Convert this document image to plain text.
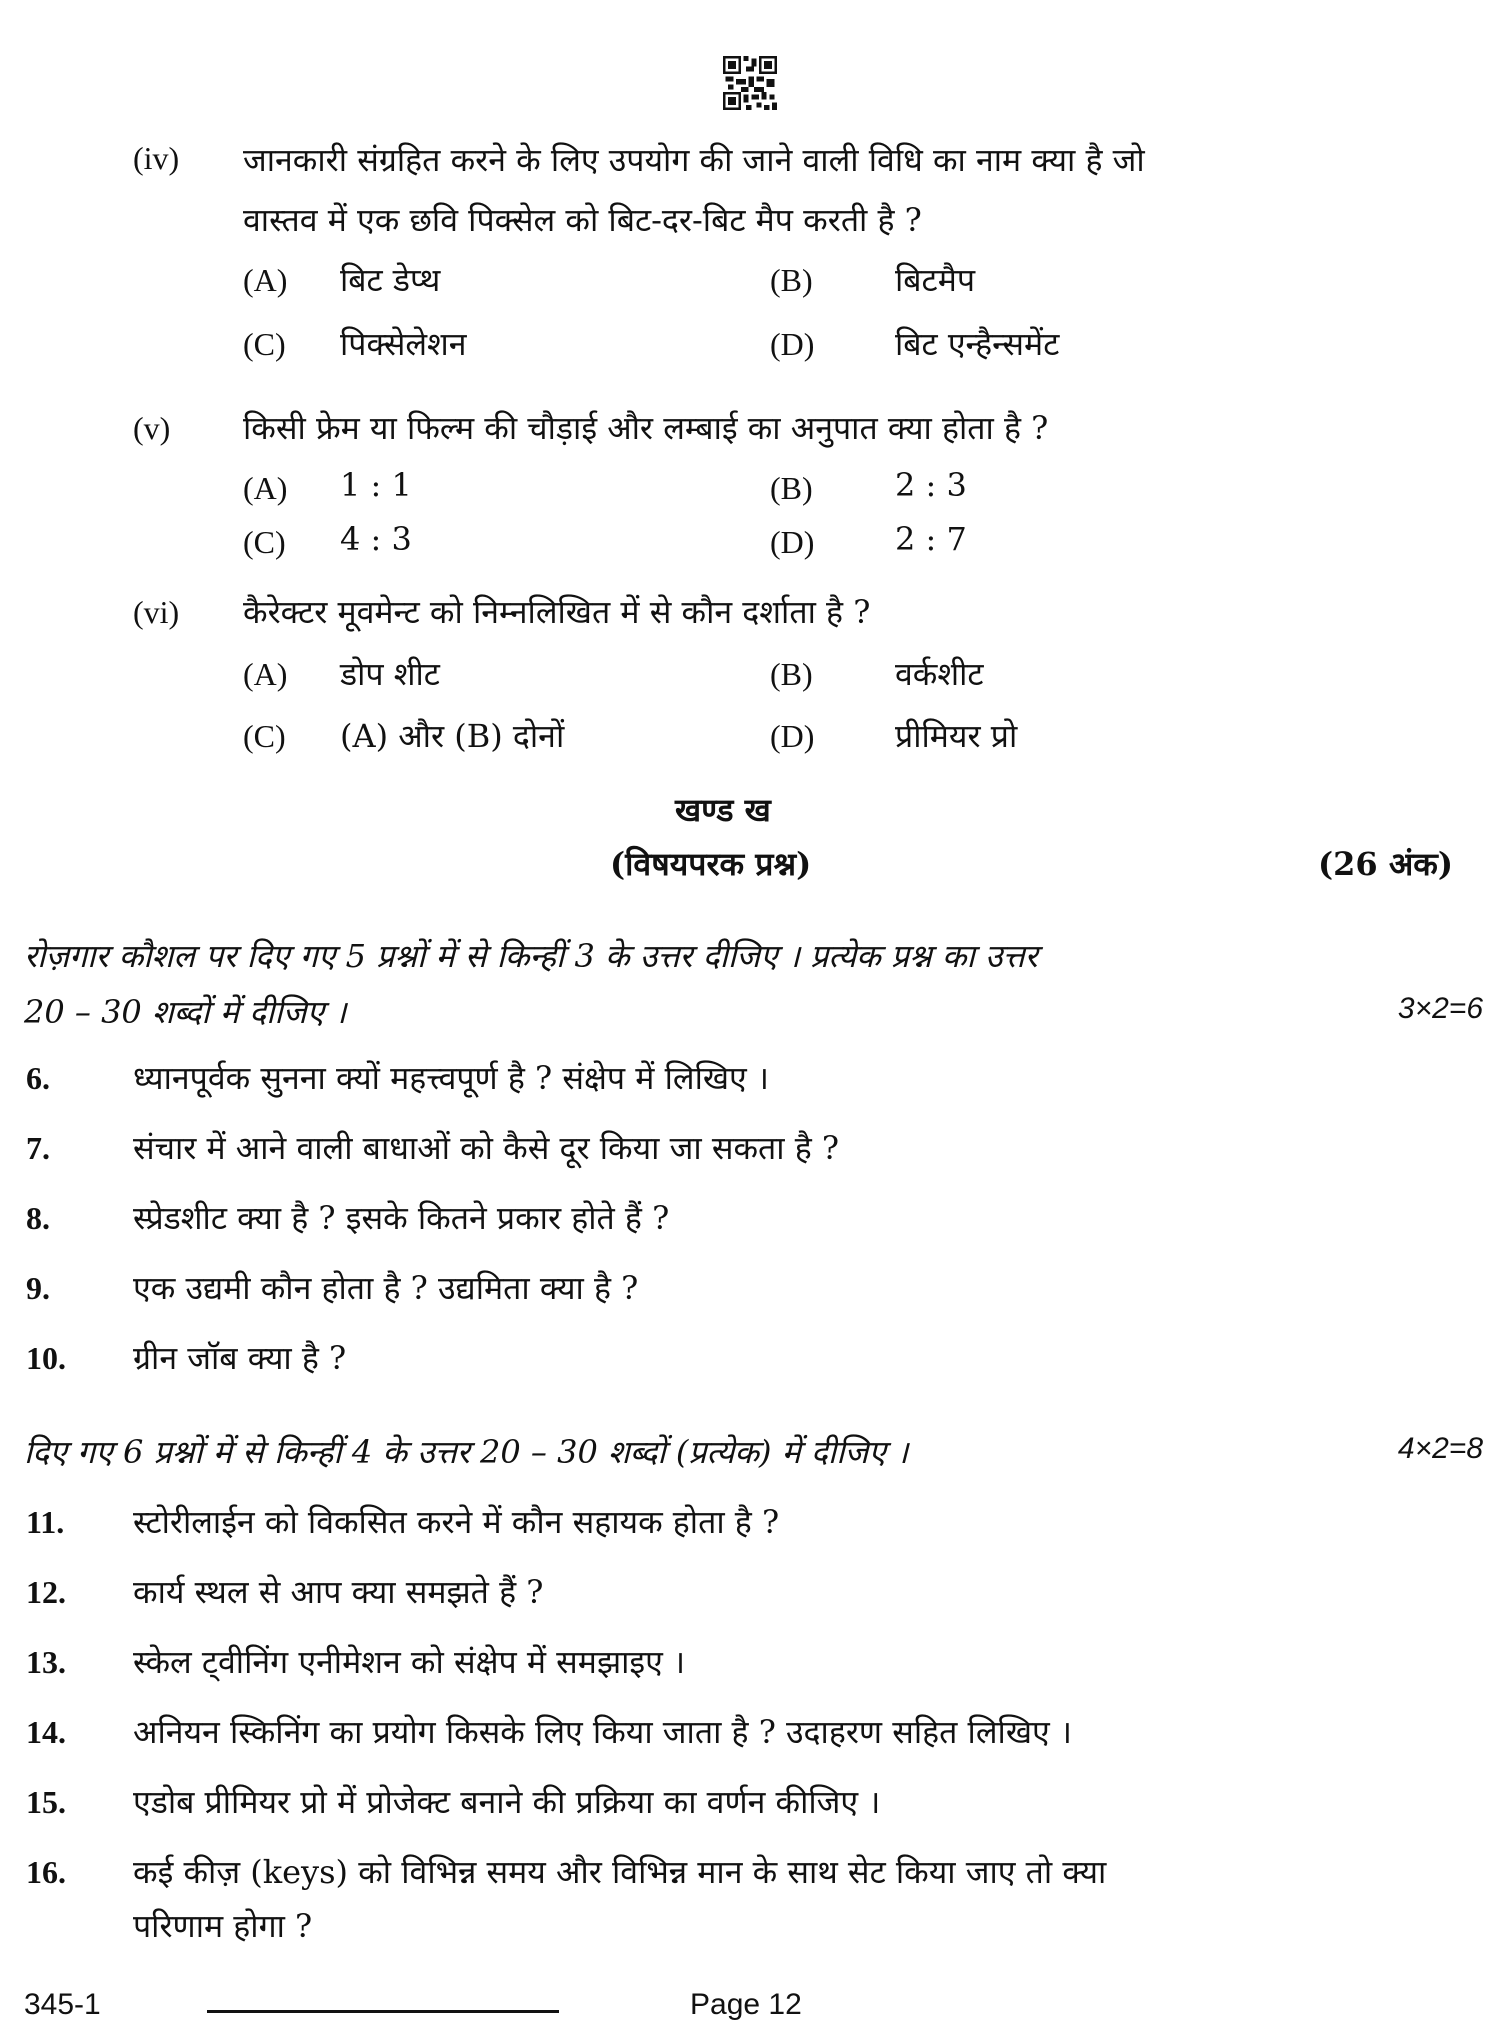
(iv) जानकारी संग्रहित करने के लिए उपयोग की जाने वाली विधि का नाम क्या है जो
वास्तव में एक छवि पिक्सेल को बिट-दर-बिट मैप करती है ?
(A) बिट डेप्थ	(B)	बिटमैप
(C) पिक्सेलेशन	(D)	बिट एन्हैन्समेंट
(v) किसी फ्रेम या फिल्म की चौड़ाई और लम्बाई का अनुपात क्या होता है ?
(A) 1 : 1	(B)	2 : 3
(C) 4 : 3	(D)	2 : 7
(vi) कैरेक्टर मूवमेन्ट को निम्नलिखित में से कौन दर्शाता है ?
(A) डोप शीट	(B)	वर्कशीट
(C) (A) और (B) दोनों	(D)	प्रीमियर प्रो
खण्ड ख
(विषयपरक प्रश्न)	(26 अंक)
रोज़गार कौशल पर दिए गए 5 प्रश्नों में से किन्हीं 3 के उत्तर दीजिए । प्रत्येक प्रश्न का उत्तर
20 – 30 शब्दों में दीजिए ।	3×2=6
6.	ध्यानपूर्वक सुनना क्यों महत्त्वपूर्ण है ? संक्षेप में लिखिए ।
7.	संचार में आने वाली बाधाओं को कैसे दूर किया जा सकता है ?
8.	स्प्रेडशीट क्या है ? इसके कितने प्रकार होते हैं ?
9.	एक उद्यमी कौन होता है ? उद्यमिता क्या है ?
10. ग्रीन जॉब क्या है ?
दिए गए 6 प्रश्नों में से किन्हीं 4 के उत्तर 20 – 30 शब्दों (प्रत्येक) में दीजिए ।	4×2=8
11. स्टोरीलाईन को विकसित करने में कौन सहायक होता है ?
12. कार्य स्थल से आप क्या समझते हैं ?
13. स्केल ट्वीनिंग एनीमेशन को संक्षेप में समझाइए ।
14. अनियन स्किनिंग का प्रयोग किसके लिए किया जाता है ? उदाहरण सहित लिखिए ।
15. एडोब प्रीमियर प्रो में प्रोजेक्ट बनाने की प्रक्रिया का वर्णन कीजिए ।
16. कई कीज़ (keys) को विभिन्न समय और विभिन्न मान के साथ सेट किया जाए तो क्या
परिणाम होगा ?
345-1	Page 12
